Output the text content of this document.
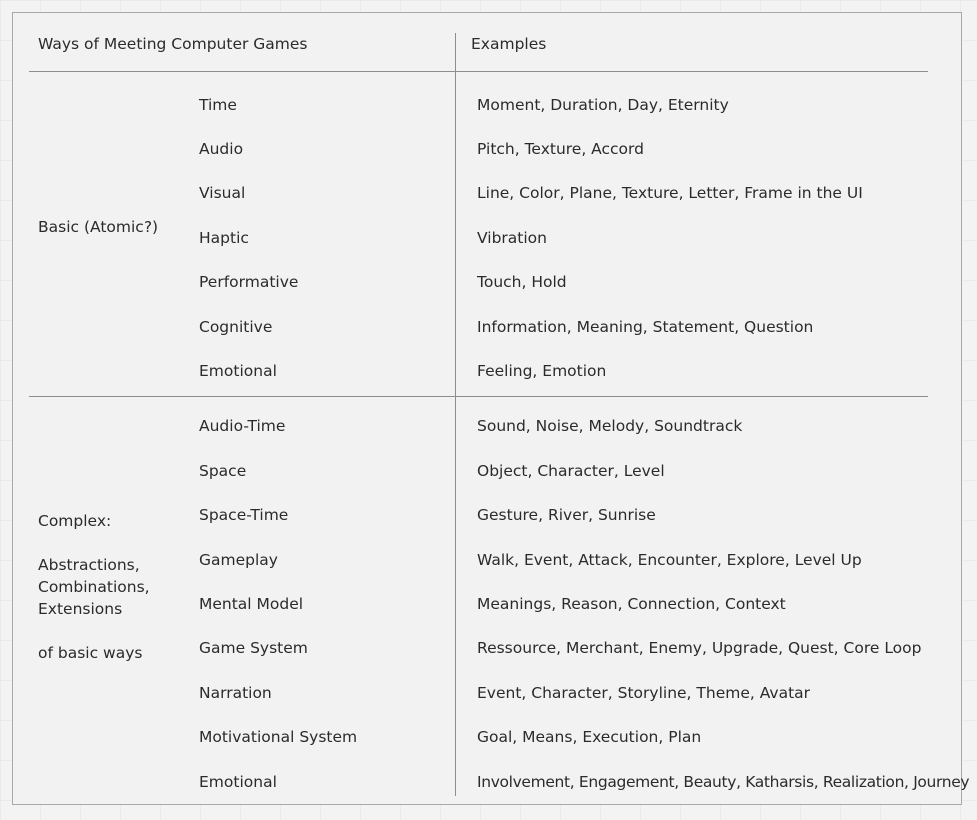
Ways of Meeting Computer Games	Examples
Basic (Atomic?)
Time	Moment, Duration, Day, Eternity
Audio	Pitch, Texture, Accord
Visual	Line, Color, Plane, Texture, Letter, Frame in the UI
Haptic	Vibration
Performative	Touch, Hold
Cognitive	Information, Meaning, Statement, Question
Emotional	Feeling, Emotion
Complex:
Abstractions,
Combinations,
Extensions
of basic ways
Audio-Time	Sound, Noise, Melody, Soundtrack
Space	Object, Character, Level
Space-Time	Gesture, River, Sunrise
Gameplay	Walk, Event, Attack, Encounter, Explore, Level Up
Mental Model	Meanings, Reason, Connection, Context
Game System	Ressource, Merchant, Enemy, Upgrade, Quest, Core Loop
Narration	Event, Character, Storyline, Theme, Avatar
Motivational System	Goal, Means, Execution, Plan
Emotional	Involvement, Engagement, Beauty, Katharsis, Realization, Journey
